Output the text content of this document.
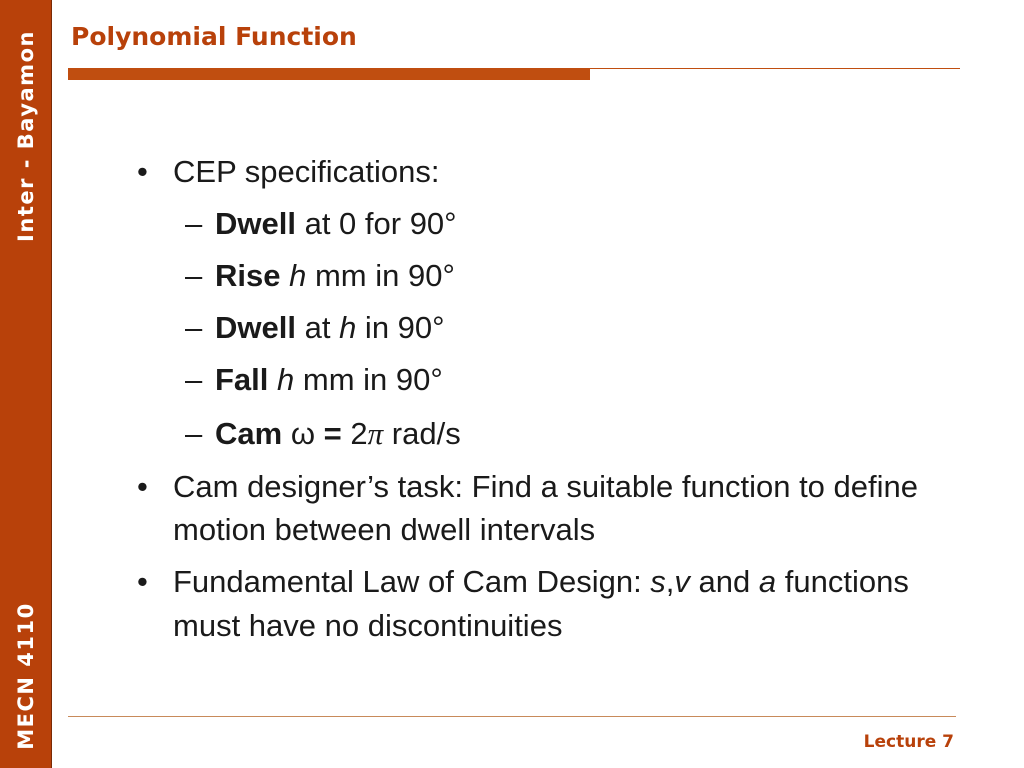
Inter - Bayamon
MECN 4110
Polynomial Function
• CEP specifications:
– Dwell at 0 for 90°
– Rise h mm in 90°
– Dwell at h in 90°
– Fall h mm in 90°
– Cam ω = 2π rad/s
• Cam designer’s task: Find a suitable function to define
motion between dwell intervals
• Fundamental Law of Cam Design: s,v and a functions
must have no discontinuities
Lecture 7
